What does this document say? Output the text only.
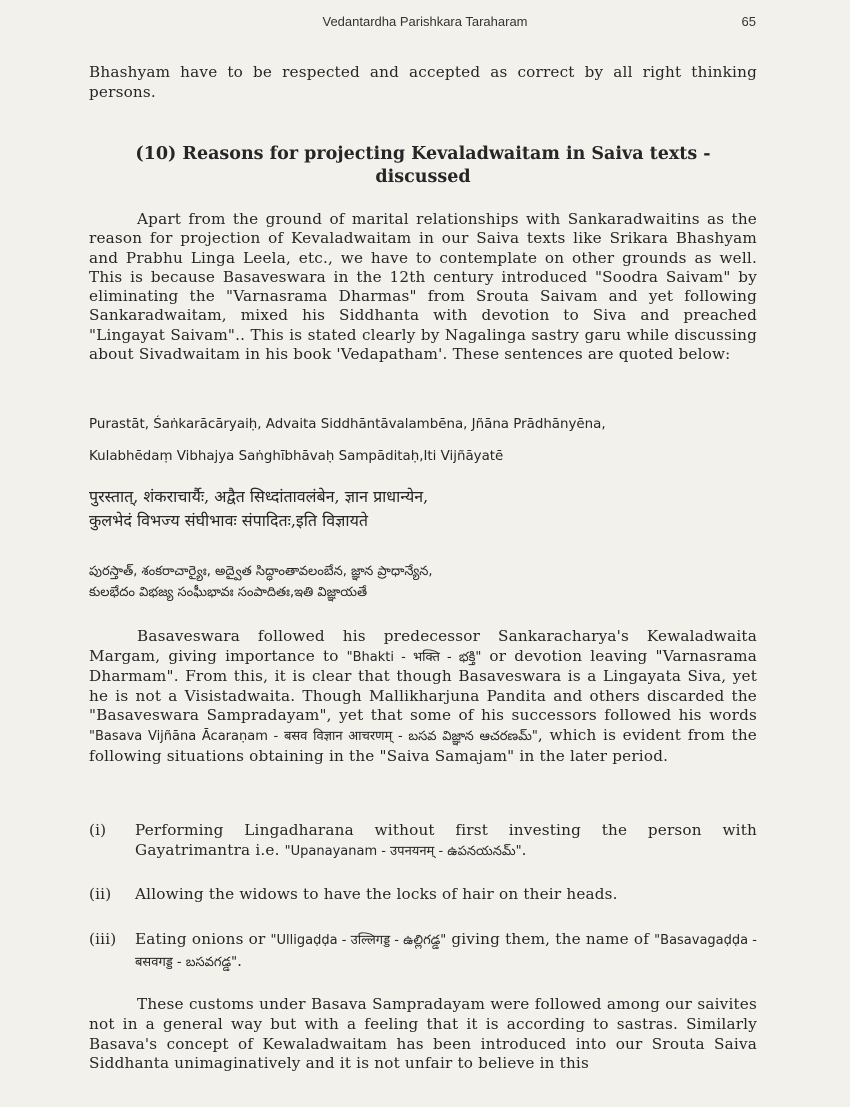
Vedantardha Parishkara Taraharam	65

Bhashyam have to be respected and accepted as correct by all right thinking
persons.

(10) Reasons for projecting Kevaladwaitam in Saiva texts -
discussed

Apart from the ground of marital relationships with Sankaradwaitins as the reason for projection of Kevaladwaitam in our Saiva texts like Srikara Bhashyam and Prabhu Linga Leela, etc., we have to contemplate on other grounds as well. This is because Basaveswara in the 12th century introduced "Soodra Saivam" by eliminating the "Varnasrama Dharmas" from Srouta Saivam and yet following Sankaradwaitam, mixed his Siddhanta with devotion to Siva and preached "Lingayat Saivam".. This is stated clearly by Nagalinga sastry garu while discussing about Sivadwaitam in his book 'Vedapatham'. These sentences are quoted below:

Purastāt, Śaṅkarācāryaiḥ, Advaita Siddhāntāvalambēna, Jñāna Prādhānyēna,
Kulabhēdaṃ Vibhajya Saṅghībhāvaḥ Sampāditaḥ,Iti Vijñāyatē
पुरस्तात्, शंकराचार्यैः, अद्वैत सिध्दांतावलंबेन, ज्ञान प्राधान्येन,
कुलभेदं विभज्य संघीभावः संपादितः,इति विज्ञायते
పురస్తాత్, శంకరాచార్యైః, అద్వైత సిద్ధాంతావలంబేన, జ్ఞాన ప్రాధాన్యేన,
కులభేదం విభజ్య సంఘీభావః సంపాదితః,ఇతి విజ్ఞాయతే

Basaveswara followed his predecessor Sankaracharya's Kewaladwaita Margam, giving importance to "Bhakti - भक्ति - భక్తి" or devotion leaving "Varnasrama Dharmam". From this, it is clear that though Basaveswara is a Lingayata Siva, yet he is not a Visistadwaita. Though Mallikharjuna Pandita and others discarded the "Basaveswara Sampradayam", yet that some of his successors followed his words "Basava Vijñāna Ācaraṇam - बसव विज्ञान आचरणम् - బసవ విజ్ఞాన ఆచరణమ్", which is evident from the following situations obtaining in the "Saiva Samajam" in the later period.

(i) Performing Lingadharana without first investing the person with Gayatrimantra i.e. "Upanayanam - उपनयनम् - ఉపనయనమ్".
(ii) Allowing the widows to have the locks of hair on their heads.
(iii) Eating onions or "Ulligaḍḍa - उल्लिगड्ड - ఉల్లిగడ్డ" giving them, the name of "Basavagaḍḍa - बसवगड्ड - బసవగడ్డ".

These customs under Basava Sampradayam were followed among our saivites not in a general way but with a feeling that it is according to sastras. Similarly Basava's concept of Kewaladwaitam has been introduced into our Srouta Saiva Siddhanta unimaginatively and it is not unfair to believe in this
